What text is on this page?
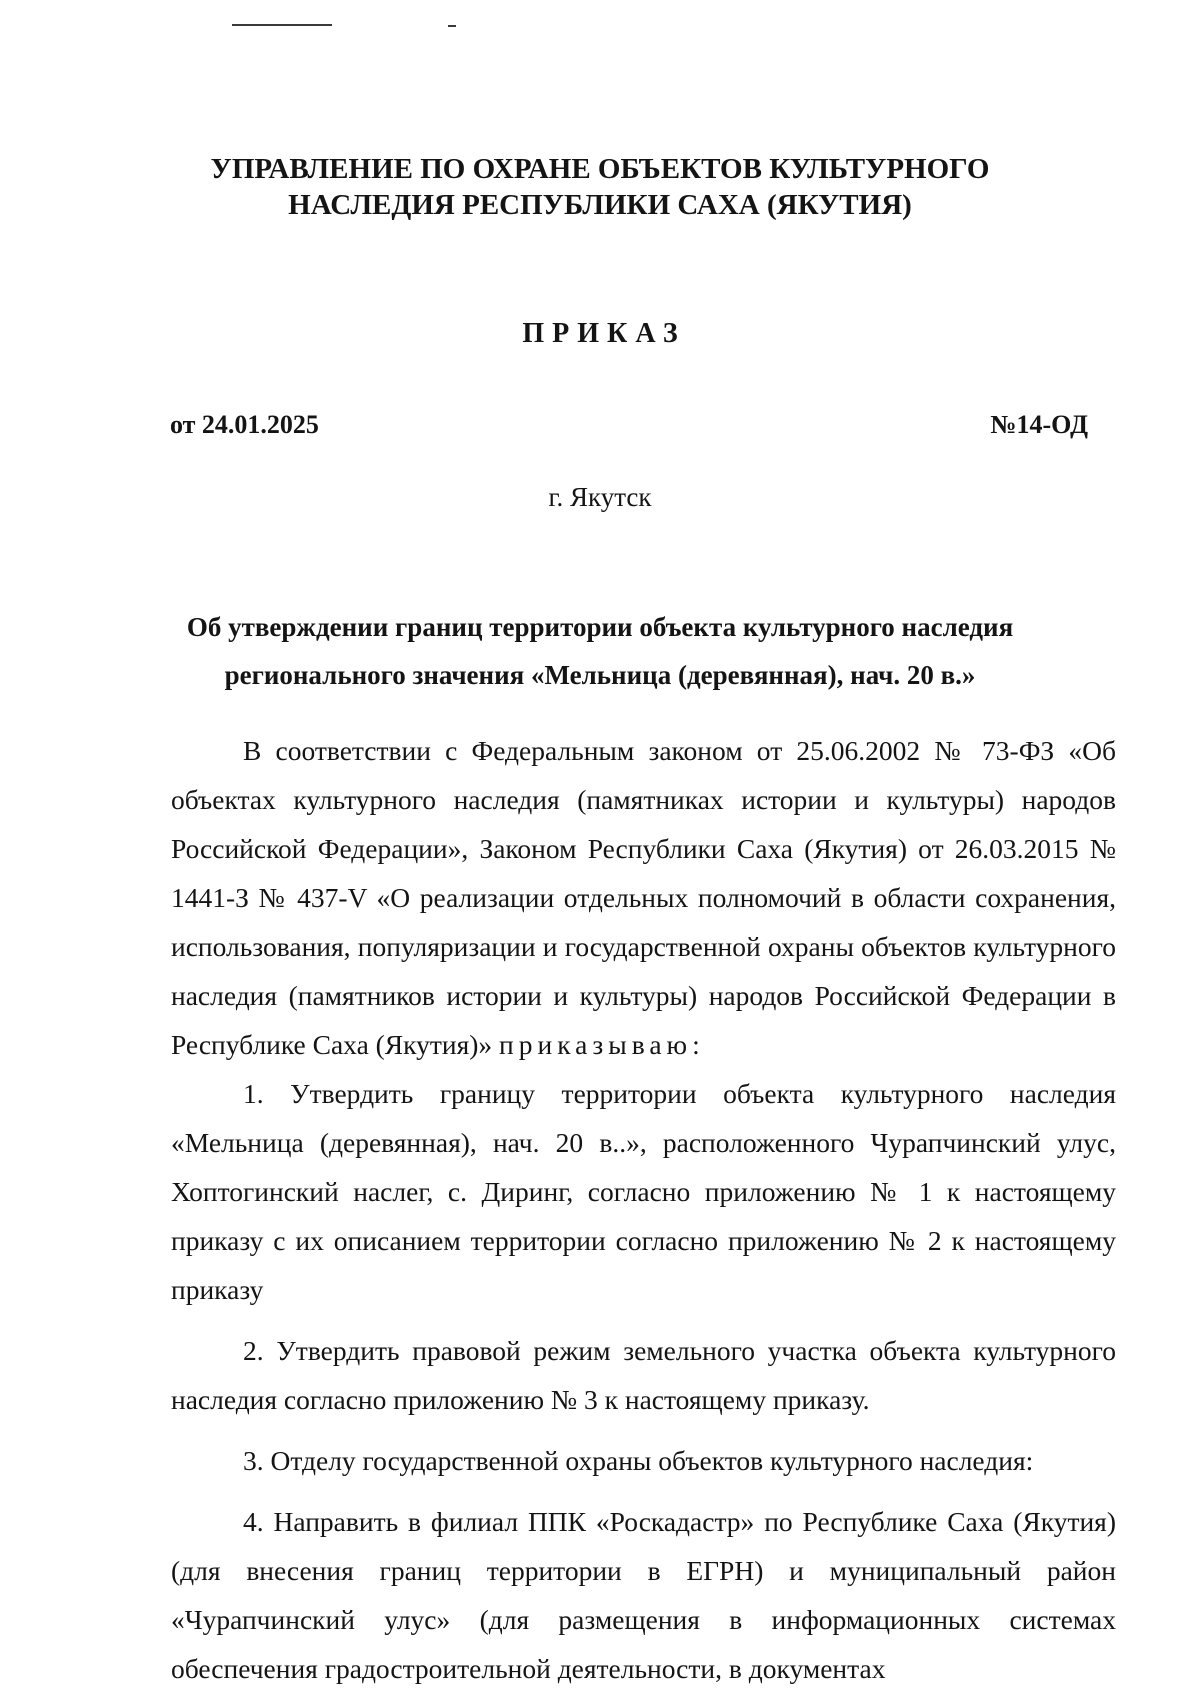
УПРАВЛЕНИЕ ПО ОХРАНЕ ОБЪЕКТОВ КУЛЬТУРНОГО
НАСЛЕДИЯ РЕСПУБЛИКИ САХА (ЯКУТИЯ)
ПРИКАЗ
от 24.01.2025	№14-ОД
г. Якутск
Об утверждении границ территории объекта культурного наследия
регионального значения «Мельница (деревянная), нач. 20 в.»

В соответствии с Федеральным законом от 25.06.2002 № 73-ФЗ «Об объектах культурного наследия (памятниках истории и культуры) народов Российской Федерации», Законом Республики Саха (Якутия) от 26.03.2015 № 1441-З № 437-V «О реализации отдельных полномочий в области сохранения, использования, популяризации и государственной охраны объектов культурного наследия (памятников истории и культуры) народов Российской Федерации в Республике Саха (Якутия)» приказываю:

1. Утвердить границу территории объекта культурного наследия «Мельница (деревянная), нач. 20 в..», расположенного Чурапчинский улус, Хоптогинский наслег, с. Диринг, согласно приложению № 1 к настоящему приказу с их описанием территории согласно приложению № 2 к настоящему приказу

2. Утвердить правовой режим земельного участка объекта культурного наследия согласно приложению № 3 к настоящему приказу.

3. Отделу государственной охраны объектов культурного наследия:

4. Направить в филиал ППК «Роскадастр» по Республике Саха (Якутия) (для внесения границ территории в ЕГРН) и муниципальный район «Чурапчинский улус» (для размещения в информационных системах обеспечения градостроительной деятельности, в документах
